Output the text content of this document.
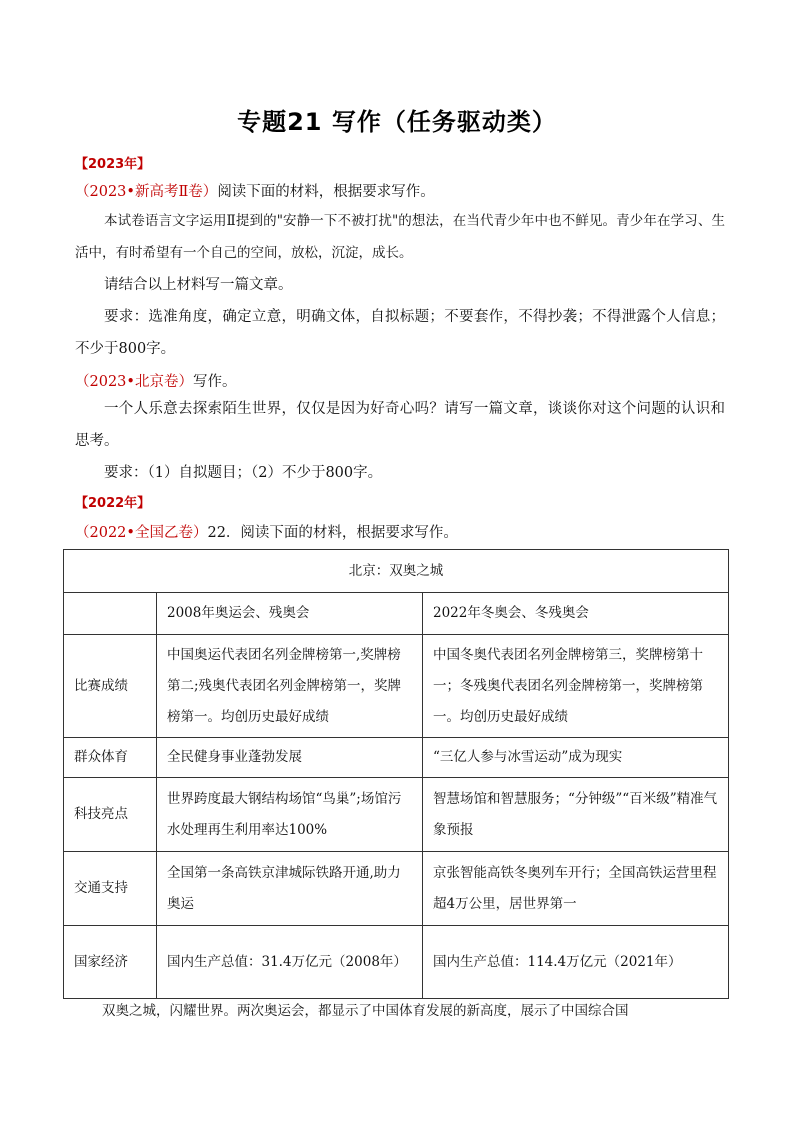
专题21 写作（任务驱动类）
【2023年】
（2023•新高考Ⅱ卷）阅读下面的材料，根据要求写作。
本试卷语言文字运用Ⅱ提到的"安静一下不被打扰"的想法，在当代青少年中也不鲜见。青少年在学习、生活中，有时希望有一个自己的空间，放松，沉淀，成长。
请结合以上材料写一篇文章。
要求：选准角度，确定立意，明确文体，自拟标题；不要套作，不得抄袭；不得泄露个人信息；不少于800字。
（2023•北京卷）写作。
一个人乐意去探索陌生世界，仅仅是因为好奇心吗？请写一篇文章，谈谈你对这个问题的认识和思考。
要求：（1）自拟题目；（2）不少于800字。
【2022年】
（2022•全国乙卷）22．阅读下面的材料，根据要求写作。
北京：双奥之城		
	2008年奥运会、残奥会	2022年冬奥会、冬残奥会
比赛成绩	中国奥运代表团名列金牌榜第一,奖牌榜第二;残奥代表团名列金牌榜第一，奖牌榜第一。均创历史最好成绩	中国冬奥代表团名列金牌榜第三，奖牌榜第十一；冬残奥代表团名列金牌榜第一，奖牌榜第一。均创历史最好成绩
群众体育	全民健身事业蓬勃发展	“三亿人参与冰雪运动”成为现实
科技亮点	世界跨度最大钢结构场馆“鸟巢”;场馆污水处理再生利用率达100%	智慧场馆和智慧服务；“分钟级”“百米级”精准气象预报
交通支持	全国第一条高铁京津城际铁路开通,助力奥运	京张智能高铁冬奥列车开行；全国高铁运营里程超4万公里，居世界第一
国家经济	国内生产总值：31.4万亿元（2008年）	国内生产总值：114.4万亿元（2021年）
双奥之城，闪耀世界。两次奥运会，都显示了中国体育发展的新高度，展示了中国综合国
